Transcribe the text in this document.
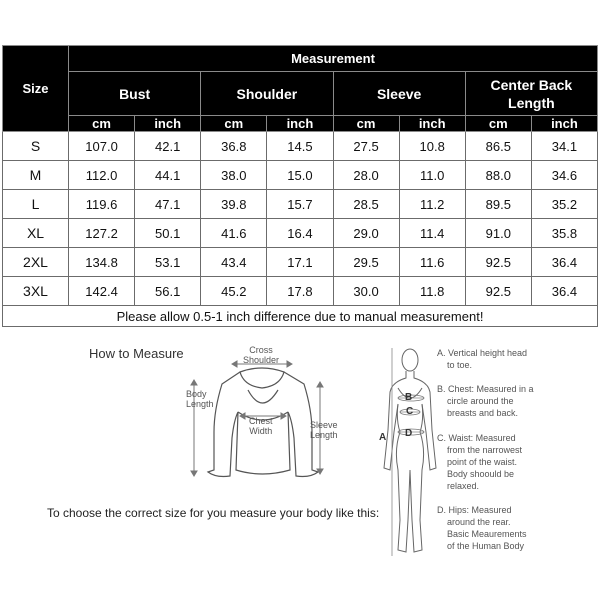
Size	Measurement							
	Bust		Shoulder		Sleeve		Center Back Length	
	cm	inch	cm	inch	cm	inch	cm	inch
S	107.0	42.1	36.8	14.5	27.5	10.8	86.5	34.1
M	112.0	44.1	38.0	15.0	28.0	11.0	88.0	34.6
L	119.6	47.1	39.8	15.7	28.5	11.2	89.5	35.2
XL	127.2	50.1	41.6	16.4	29.0	11.4	91.0	35.8
2XL	134.8	53.1	43.4	17.1	29.5	11.6	92.5	36.4
3XL	142.4	56.1	45.2	17.8	30.0	11.8	92.5	36.4
Please allow 0.5-1 inch difference due to manual measurement!								
How to Measure	Cross
Shoulder
Body
Length
Chest
Width
Sleeve
Length	A
B
C
D
A. Vertical height head
to toe.
B. Chest: Measured in a
circle around the
breasts and back.
C. Waist: Measured
from the narrowest
point of the waist.
Body shoould be
relaxed.
D. Hips: Measured
around the rear.
Basic Meaurements
of the Human Body
To choose the correct size for you measure your body like this:
